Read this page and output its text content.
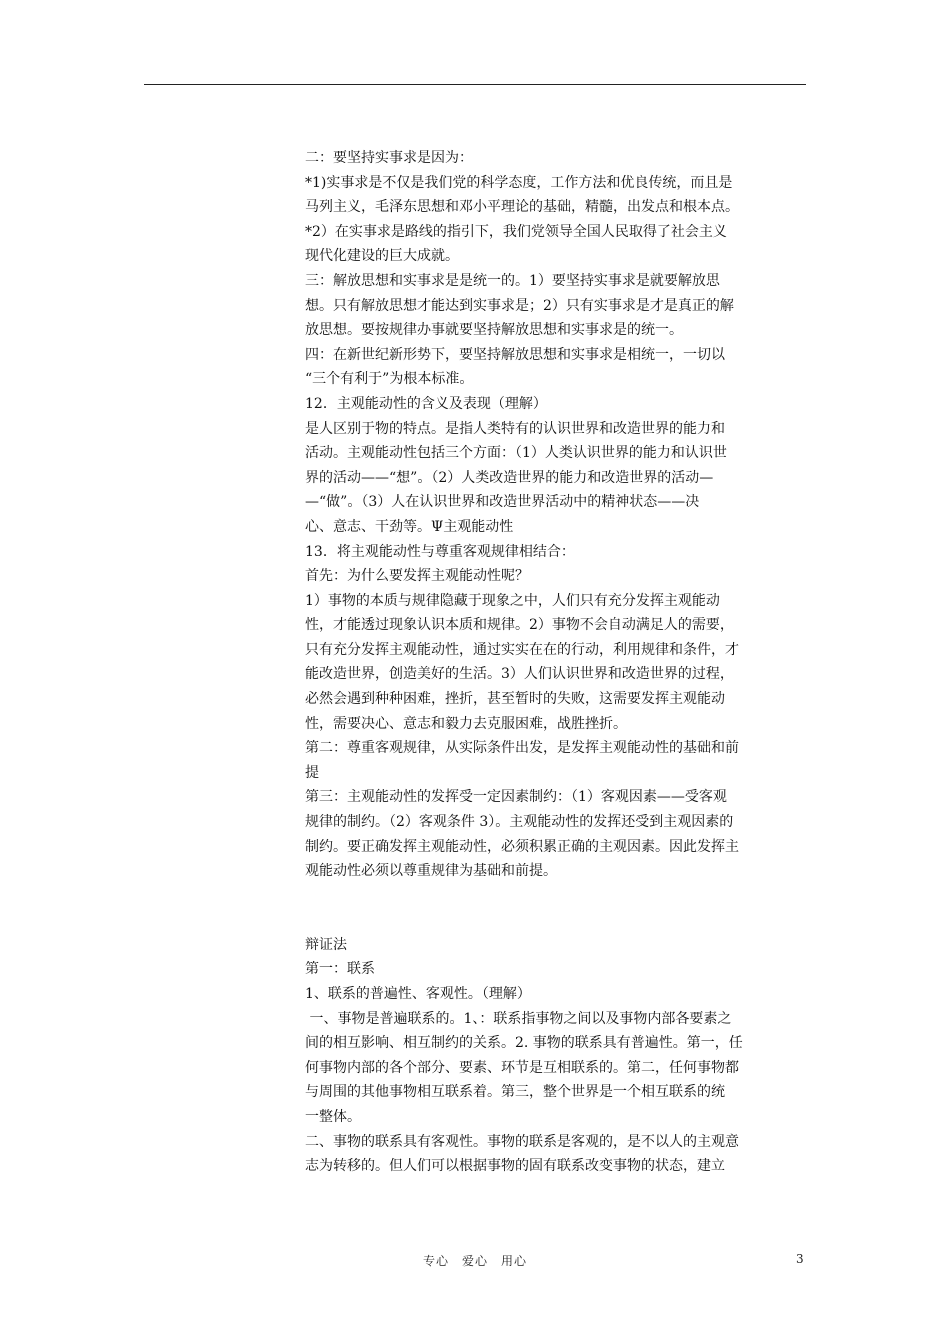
二：要坚持实事求是因为：
*1)实事求是不仅是我们党的科学态度，工作方法和优良传统，而且是
马列主义，毛泽东思想和邓小平理论的基础，精髓，出发点和根本点。
*2）在实事求是路线的指引下，我们党领导全国人民取得了社会主义
现代化建设的巨大成就。
三：解放思想和实事求是是统一的。1）要坚持实事求是就要解放思
想。只有解放思想才能达到实事求是；2）只有实事求是才是真正的解
放思想。要按规律办事就要坚持解放思想和实事求是的统一。
四：在新世纪新形势下，要坚持解放思想和实事求是相统一，一切以
“三个有利于”为根本标准。
12．主观能动性的含义及表现（理解）
是人区别于物的特点。是指人类特有的认识世界和改造世界的能力和
活动。主观能动性包括三个方面：（1）人类认识世界的能力和认识世
界的活动——“想”。（2）人类改造世界的能力和改造世界的活动—
—“做”。（3）人在认识世界和改造世界活动中的精神状态——决
心、意志、干劲等。Ψ主观能动性
13．将主观能动性与尊重客观规律相结合：
首先：为什么要发挥主观能动性呢？
1）事物的本质与规律隐藏于现象之中，人们只有充分发挥主观能动
性，才能透过现象认识本质和规律。2）事物不会自动满足人的需要，
只有充分发挥主观能动性，通过实实在在的行动，利用规律和条件，才
能改造世界，创造美好的生活。3）人们认识世界和改造世界的过程，
必然会遇到种种困难，挫折，甚至暂时的失败，这需要发挥主观能动
性，需要决心、意志和毅力去克服困难，战胜挫折。
第二：尊重客观规律，从实际条件出发，是发挥主观能动性的基础和前
提
第三：主观能动性的发挥受一定因素制约：（1）客观因素——受客观
规律的制约。（2）客观条件 3）。主观能动性的发挥还受到主观因素的
制约。要正确发挥主观能动性，必须积累正确的主观因素。因此发挥主
观能动性必须以尊重规律为基础和前提。
辩证法
第一：联系
1、联系的普遍性、客观性。（理解）
一、事物是普遍联系的。1、：联系指事物之间以及事物内部各要素之
间的相互影响、相互制约的关系。2. 事物的联系具有普遍性。第一，任
何事物内部的各个部分、要素、环节是互相联系的。第二，任何事物都
与周围的其他事物相互联系着。第三，整个世界是一个相互联系的统
一整体。
二、事物的联系具有客观性。事物的联系是客观的，是不以人的主观意
志为转移的。但人们可以根据事物的固有联系改变事物的状态，建立
专心　爱心　用心	3
